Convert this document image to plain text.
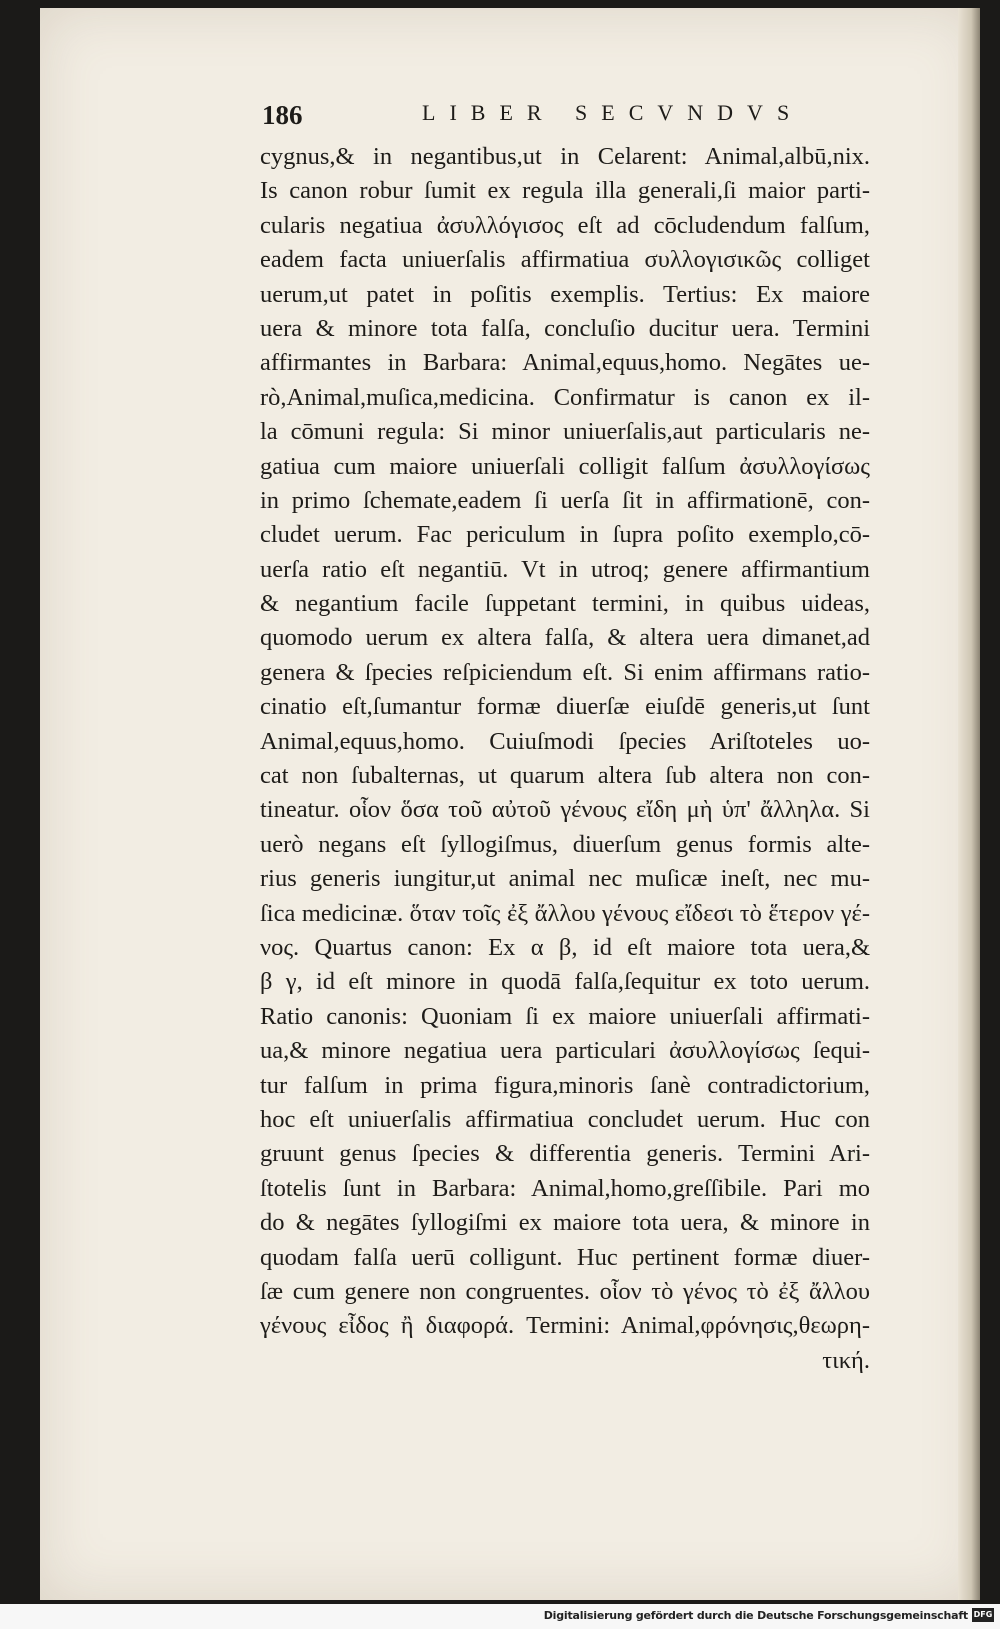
186	LIBER SECVNDVS
cygnus,& in negantibus,ut in Celarent: Animal,albū,nix.
Is canon robur ſumit ex regula illa generali,ſi maior parti-
cularis negatiua ἀσυλλόγισος eſt ad cōcludendum falſum,
eadem facta uniuerſalis affirmatiua συλλογισικῶς colliget
uerum,ut patet in poſitis exemplis. Tertius: Ex maiore
uera & minore tota falſa, concluſio ducitur uera. Termini
affirmantes in Barbara: Animal,equus,homo. Negātes ue-
rò,Animal,muſica,medicina. Confirmatur is canon ex il-
la cōmuni regula: Si minor uniuerſalis,aut particularis ne-
gatiua cum maiore uniuerſali colligit falſum ἀσυλλογίσως
in primo ſchemate,eadem ſi uerſa ſit in affirmationē, con-
cludet uerum. Fac periculum in ſupra poſito exemplo,cō-
uerſa ratio eſt negantiū. Vt in utroq; genere affirmantium
& negantium facile ſuppetant termini, in quibus uideas,
quomodo uerum ex altera falſa, & altera uera dimanet,ad
genera & ſpecies reſpiciendum eſt. Si enim affirmans ratio-
cinatio eſt,ſumantur formæ diuerſæ eiuſdē generis,ut ſunt
Animal,equus,homo. Cuiuſmodi ſpecies Ariſtoteles uo-
cat non ſubalternas, ut quarum altera ſub altera non con-
tineatur. οἷον ὅσα τοῦ αὐτοῦ γένους εἴδη μὴ ὑπ' ἄλληλα. Si
uerò negans eſt ſyllogiſmus, diuerſum genus formis alte-
rius generis iungitur,ut animal nec muſicæ ineſt, nec mu-
ſica medicinæ. ὅταν τοῖς ἐξ ἄλλου γένους εἴδεσι τὸ ἕτερον γέ-
νος. Quartus canon: Ex α β, id eſt maiore tota uera,&
β γ, id eſt minore in quodā falſa,ſequitur ex toto uerum.
Ratio canonis: Quoniam ſi ex maiore uniuerſali affirmati-
ua,& minore negatiua uera particulari ἀσυλλογίσως ſequi-
tur falſum in prima figura,minoris ſanè contradictorium,
hoc eſt uniuerſalis affirmatiua concludet uerum. Huc con
gruunt genus ſpecies & differentia generis. Termini Ari-
ſtotelis ſunt in Barbara: Animal,homo,greſſibile. Pari mo
do & negātes ſyllogiſmi ex maiore tota uera, & minore in
quodam falſa uerū colligunt. Huc pertinent formæ diuer-
ſæ cum genere non congruentes. οἷον τὸ γένος τὸ ἐξ ἄλλου
γένους εἶδος ἢ διαφορά. Termini: Animal,φρόνησις,θεωρη-
τική.
Digitalisierung gefördert durch die Deutsche Forschungsgemeinschaft DFG
